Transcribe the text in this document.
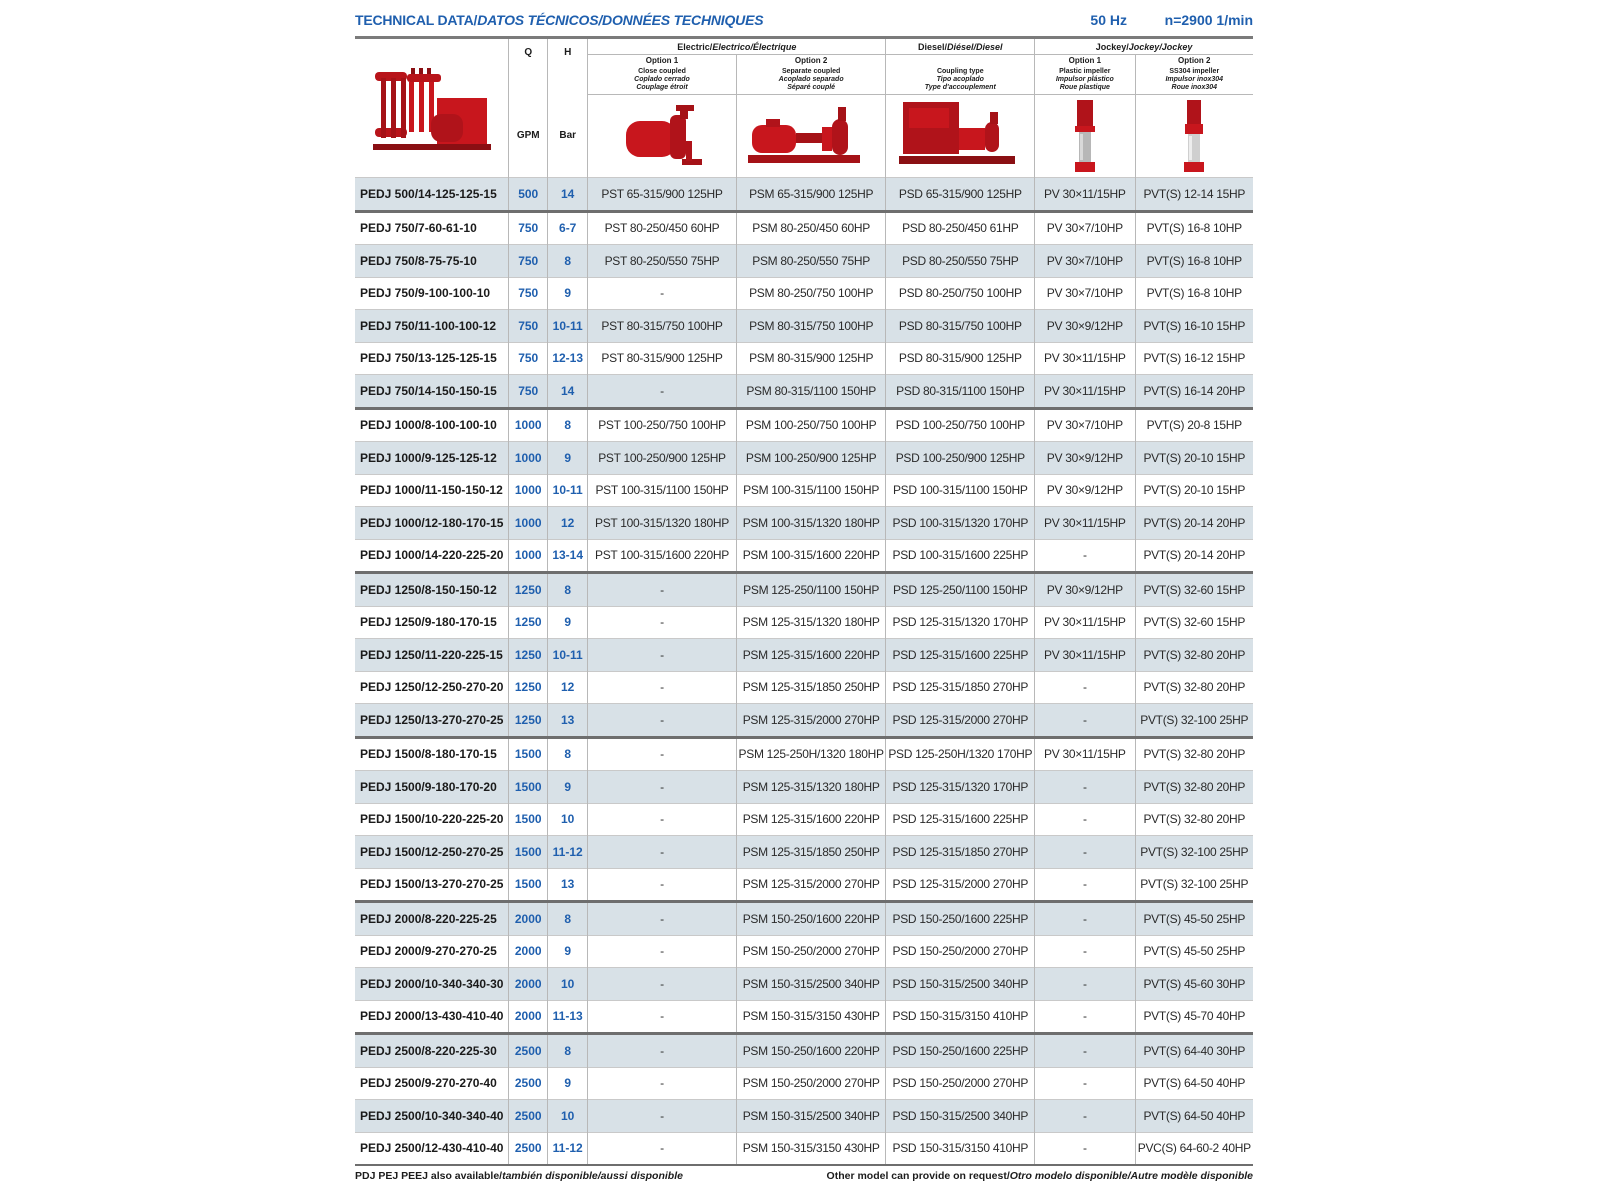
TECHNICAL DATA/DATOS TÉCNICOS/DONNÉES TECHNIQUES	50 Hz	n=2900 1/min
	Q	H	Electric/Electrico/Électrique		Diesel/Diésel/Diesel	Jockey/Jockey/Jockey	
			Option 1	Option 2		Option 1	Option 2
			Close coupled
Coplado cerrado
Couplage étroit	Separate coupled
Acoplado separado
Séparé couplé	Coupling type
Tipo acoplado
Type d'accouplement	Plastic impeller
Impulsor plástico
Roue plastique	SS304 impeller
Impulsor inox304
Roue inox304

	GPM	Bar	

PEDJ 500/14-125-125-15	500	14	PST 65-315/900 125HP	PSM 65-315/900 125HP	PSD 65-315/900 125HP	PV 30×11/15HP	PVT(S) 12-14 15HP
PEDJ 750/7-60-61-10	750	6-7	PST 80-250/450 60HP	PSM 80-250/450 60HP	PSD 80-250/450 61HP	PV 30×7/10HP	PVT(S) 16-8 10HP
PEDJ 750/8-75-75-10	750	8	PST 80-250/550 75HP	PSM 80-250/550 75HP	PSD 80-250/550 75HP	PV 30×7/10HP	PVT(S) 16-8 10HP
PEDJ 750/9-100-100-10	750	9	-	PSM 80-250/750 100HP	PSD 80-250/750 100HP	PV 30×7/10HP	PVT(S) 16-8 10HP
PEDJ 750/11-100-100-12	750	10-11	PST 80-315/750 100HP	PSM 80-315/750 100HP	PSD 80-315/750 100HP	PV 30×9/12HP	PVT(S) 16-10 15HP
PEDJ 750/13-125-125-15	750	12-13	PST 80-315/900 125HP	PSM 80-315/900 125HP	PSD 80-315/900 125HP	PV 30×11/15HP	PVT(S) 16-12 15HP
PEDJ 750/14-150-150-15	750	14	-	PSM 80-315/1100 150HP	PSD 80-315/1100 150HP	PV 30×11/15HP	PVT(S) 16-14 20HP
PEDJ 1000/8-100-100-10	1000	8	PST 100-250/750 100HP	PSM 100-250/750 100HP	PSD 100-250/750 100HP	PV 30×7/10HP	PVT(S) 20-8 15HP
PEDJ 1000/9-125-125-12	1000	9	PST 100-250/900 125HP	PSM 100-250/900 125HP	PSD 100-250/900 125HP	PV 30×9/12HP	PVT(S) 20-10 15HP
PEDJ 1000/11-150-150-12	1000	10-11	PST 100-315/1100 150HP	PSM 100-315/1100 150HP	PSD 100-315/1100 150HP	PV 30×9/12HP	PVT(S) 20-10 15HP
PEDJ 1000/12-180-170-15	1000	12	PST 100-315/1320 180HP	PSM 100-315/1320 180HP	PSD 100-315/1320 170HP	PV 30×11/15HP	PVT(S) 20-14 20HP
PEDJ 1000/14-220-225-20	1000	13-14	PST 100-315/1600 220HP	PSM 100-315/1600 220HP	PSD 100-315/1600 225HP	-	PVT(S) 20-14 20HP
PEDJ 1250/8-150-150-12	1250	8	-	PSM 125-250/1100 150HP	PSD 125-250/1100 150HP	PV 30×9/12HP	PVT(S) 32-60 15HP
PEDJ 1250/9-180-170-15	1250	9	-	PSM 125-315/1320 180HP	PSD 125-315/1320 170HP	PV 30×11/15HP	PVT(S) 32-60 15HP
PEDJ 1250/11-220-225-15	1250	10-11	-	PSM 125-315/1600 220HP	PSD 125-315/1600 225HP	PV 30×11/15HP	PVT(S) 32-80 20HP
PEDJ 1250/12-250-270-20	1250	12	-	PSM 125-315/1850 250HP	PSD 125-315/1850 270HP	-	PVT(S) 32-80 20HP
PEDJ 1250/13-270-270-25	1250	13	-	PSM 125-315/2000 270HP	PSD 125-315/2000 270HP	-	PVT(S) 32-100 25HP
PEDJ 1500/8-180-170-15	1500	8	-	PSM 125-250H/1320 180HP	PSD 125-250H/1320 170HP	PV 30×11/15HP	PVT(S) 32-80 20HP
PEDJ 1500/9-180-170-20	1500	9	-	PSM 125-315/1320 180HP	PSD 125-315/1320 170HP	-	PVT(S) 32-80 20HP
PEDJ 1500/10-220-225-20	1500	10	-	PSM 125-315/1600 220HP	PSD 125-315/1600 225HP	-	PVT(S) 32-80 20HP
PEDJ 1500/12-250-270-25	1500	11-12	-	PSM 125-315/1850 250HP	PSD 125-315/1850 270HP	-	PVT(S) 32-100 25HP
PEDJ 1500/13-270-270-25	1500	13	-	PSM 125-315/2000 270HP	PSD 125-315/2000 270HP	-	PVT(S) 32-100 25HP
PEDJ 2000/8-220-225-25	2000	8	-	PSM 150-250/1600 220HP	PSD 150-250/1600 225HP	-	PVT(S) 45-50 25HP
PEDJ 2000/9-270-270-25	2000	9	-	PSM 150-250/2000 270HP	PSD 150-250/2000 270HP	-	PVT(S) 45-50 25HP
PEDJ 2000/10-340-340-30	2000	10	-	PSM 150-315/2500 340HP	PSD 150-315/2500 340HP	-	PVT(S) 45-60 30HP
PEDJ 2000/13-430-410-40	2000	11-13	-	PSM 150-315/3150 430HP	PSD 150-315/3150 410HP	-	PVT(S) 45-70 40HP
PEDJ 2500/8-220-225-30	2500	8	-	PSM 150-250/1600 220HP	PSD 150-250/1600 225HP	-	PVT(S) 64-40 30HP
PEDJ 2500/9-270-270-40	2500	9	-	PSM 150-250/2000 270HP	PSD 150-250/2000 270HP	-	PVT(S) 64-50 40HP
PEDJ 2500/10-340-340-40	2500	10	-	PSM 150-315/2500 340HP	PSD 150-315/2500 340HP	-	PVT(S) 64-50 40HP
PEDJ 2500/12-430-410-40	2500	11-12	-	PSM 150-315/3150 430HP	PSD 150-315/3150 410HP	-	PVC(S) 64-60-2 40HP
PDJ PEJ PEEJ also available/también disponible/aussi disponible	Other model can provide on request/Otro modelo disponible/Autre modèle disponible
